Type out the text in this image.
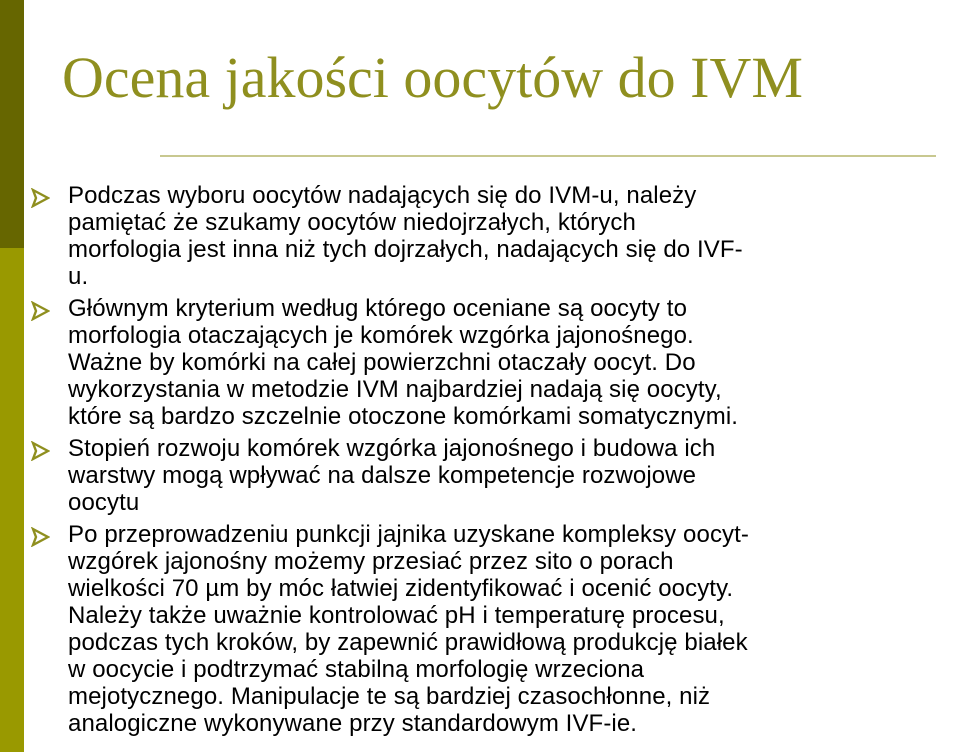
Ocena jakości oocytów do IVM
Podczas wyboru oocytów nadających się do IVM-u, należy
pamiętać że szukamy oocytów niedojrzałych, których
morfologia jest inna niż tych dojrzałych, nadających się do IVF-
u.
Głównym kryterium według którego oceniane są oocyty to
morfologia otaczających je komórek wzgórka jajonośnego.
Ważne by komórki na całej powierzchni otaczały oocyt. Do
wykorzystania w metodzie IVM najbardziej nadają się oocyty,
które są bardzo szczelnie otoczone komórkami somatycznymi.
Stopień rozwoju komórek wzgórka jajonośnego i budowa ich
warstwy mogą wpływać na dalsze kompetencje rozwojowe
oocytu
Po przeprowadzeniu punkcji jajnika uzyskane kompleksy oocyt-
wzgórek jajonośny możemy przesiać przez sito o porach
wielkości 70 µm by móc łatwiej zidentyfikować i ocenić oocyty.
Należy także uważnie kontrolować pH i temperaturę procesu,
podczas tych kroków, by zapewnić prawidłową produkcję białek
w oocycie i podtrzymać stabilną morfologię wrzeciona
mejotycznego. Manipulacje te są bardziej czasochłonne, niż
analogiczne wykonywane przy standardowym IVF-ie.
